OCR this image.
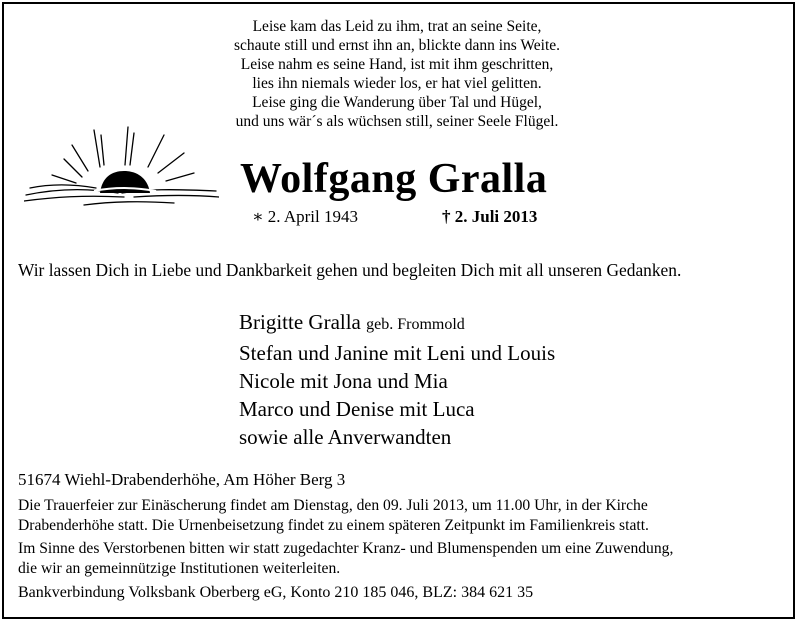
Leise kam das Leid zu ihm, trat an seine Seite,
schaute still und ernst ihn an, blickte dann ins Weite.
Leise nahm es seine Hand, ist mit ihm geschritten,
lies ihn niemals wieder los, er hat viel gelitten.
Leise ging die Wanderung über Tal und Hügel,
und uns wär´s als wüchsen still, seiner Seele Flügel.
Wolfgang Gralla
∗ 2. April 1943	† 2. Juli 2013
Wir lassen Dich in Liebe und Dankbarkeit gehen und begleiten Dich mit all unseren Gedanken.
Brigitte Gralla geb. Frommold
Stefan und Janine mit Leni und Louis
Nicole mit Jona und Mia
Marco und Denise mit Luca
sowie alle Anverwandten
51674 Wiehl-Drabenderhöhe, Am Höher Berg 3
Die Trauerfeier zur Einäscherung findet am Dienstag, den 09. Juli 2013, um 11.00 Uhr, in der Kirche
Drabenderhöhe statt. Die Urnenbeisetzung findet zu einem späteren Zeitpunkt im Familienkreis statt.
Im Sinne des Verstorbenen bitten wir statt zugedachter Kranz- und Blumenspenden um eine Zuwendung,
die wir an gemeinnützige Institutionen weiterleiten.
Bankverbindung Volksbank Oberberg eG, Konto 210 185 046, BLZ: 384 621 35
